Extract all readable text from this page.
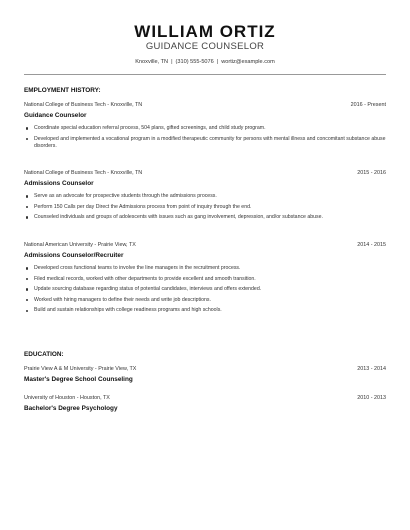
WILLIAM ORTIZ
GUIDANCE COUNSELOR
Knoxville, TN | (310) 555-5076 | wortiz@example.com
EMPLOYMENT HISTORY:
National College of Business Tech - Knoxville, TN	2016 - Present
Guidance Counselor
Coordinate special education referral process, 504 plans, gifted screenings, and child study program.
Developed and implemented a vocational program in a modified therapeutic community for persons with mental illness and concomitant substance abuse disorders.
National College of Business Tech - Knoxville, TN	2015 - 2016
Admissions Counselor
Serve as an advocate for prospective students through the admissions process.
Perform 150 Calls per day Direct the Admissions process from point of inquiry through the end.
Counseled individuals and groups of adolescents with issues such as gang involvement, depression, and/or substance abuse.
National American University - Prairie View, TX	2014 - 2015
Admissions Counselor/Recruiter
Developed cross functional teams to involve the line managers in the recruitment process.
Filed medical records, worked with other departments to provide excellent and smooth transition.
Update sourcing database regarding status of potential candidates, interviews and offers extended.
Worked with hiring managers to define their needs and write job descriptions.
Build and sustain relationships with college readiness programs and high schools.
EDUCATION:
Prairie View A & M University - Prairie View, TX	2013 - 2014
Master's Degree School Counseling
University of Houston - Houston, TX	2010 - 2013
Bachelor's Degree Psychology
